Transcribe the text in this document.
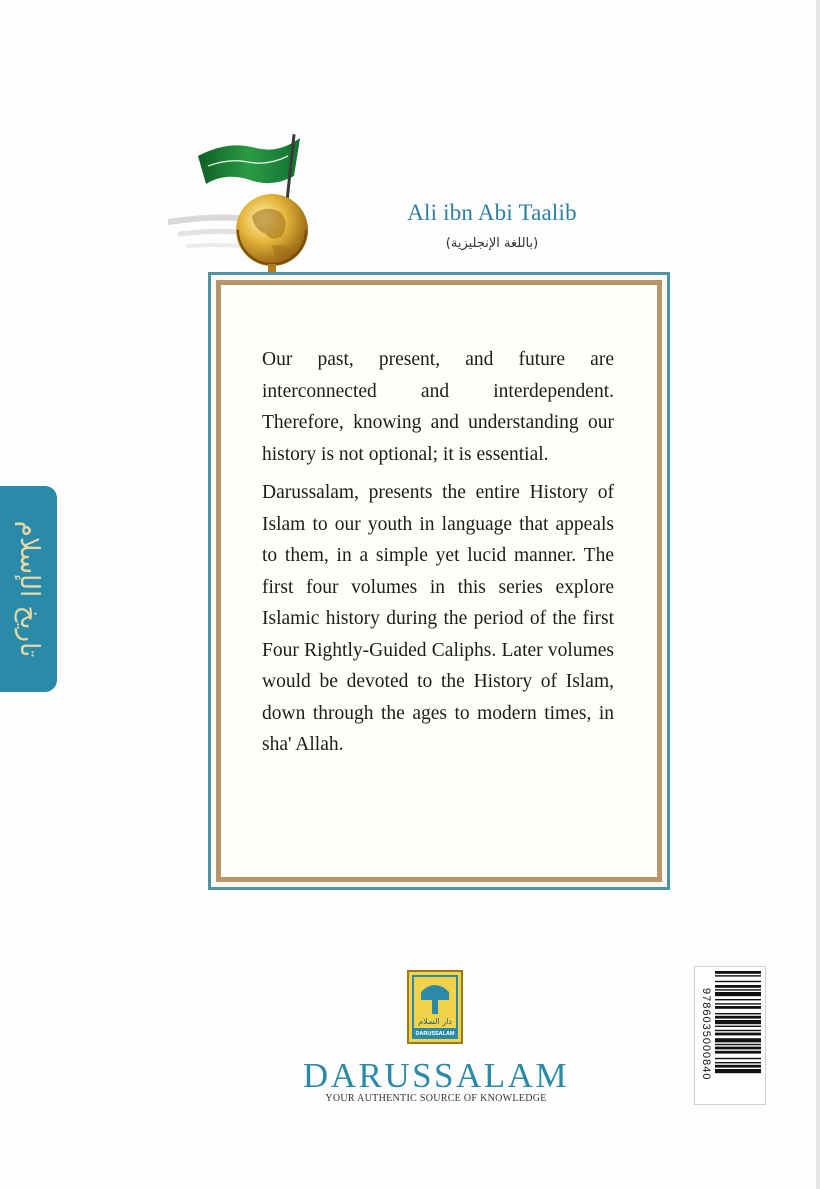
Ali ibn Abi Taalib
(باللغة الإنجليزية)

Our past, present, and future are interconnected and interdependent. Therefore, knowing and understanding our history is not optional; it is essential.

Darussalam, presents the entire History of Islam to our youth in language that appeals to them, in a simple yet lucid manner. The first four volumes in this series explore Islamic history during the period of the first Four Rightly-Guided Caliphs. Later volumes would be devoted to the History of Islam, down through the ages to modern times, in sha' Allah.

تاريخ الإسلام
دار السلام
DARUSSALAM
DARUSSALAM
YOUR AUTHENTIC SOURCE OF KNOWLEDGE
9786035000840
